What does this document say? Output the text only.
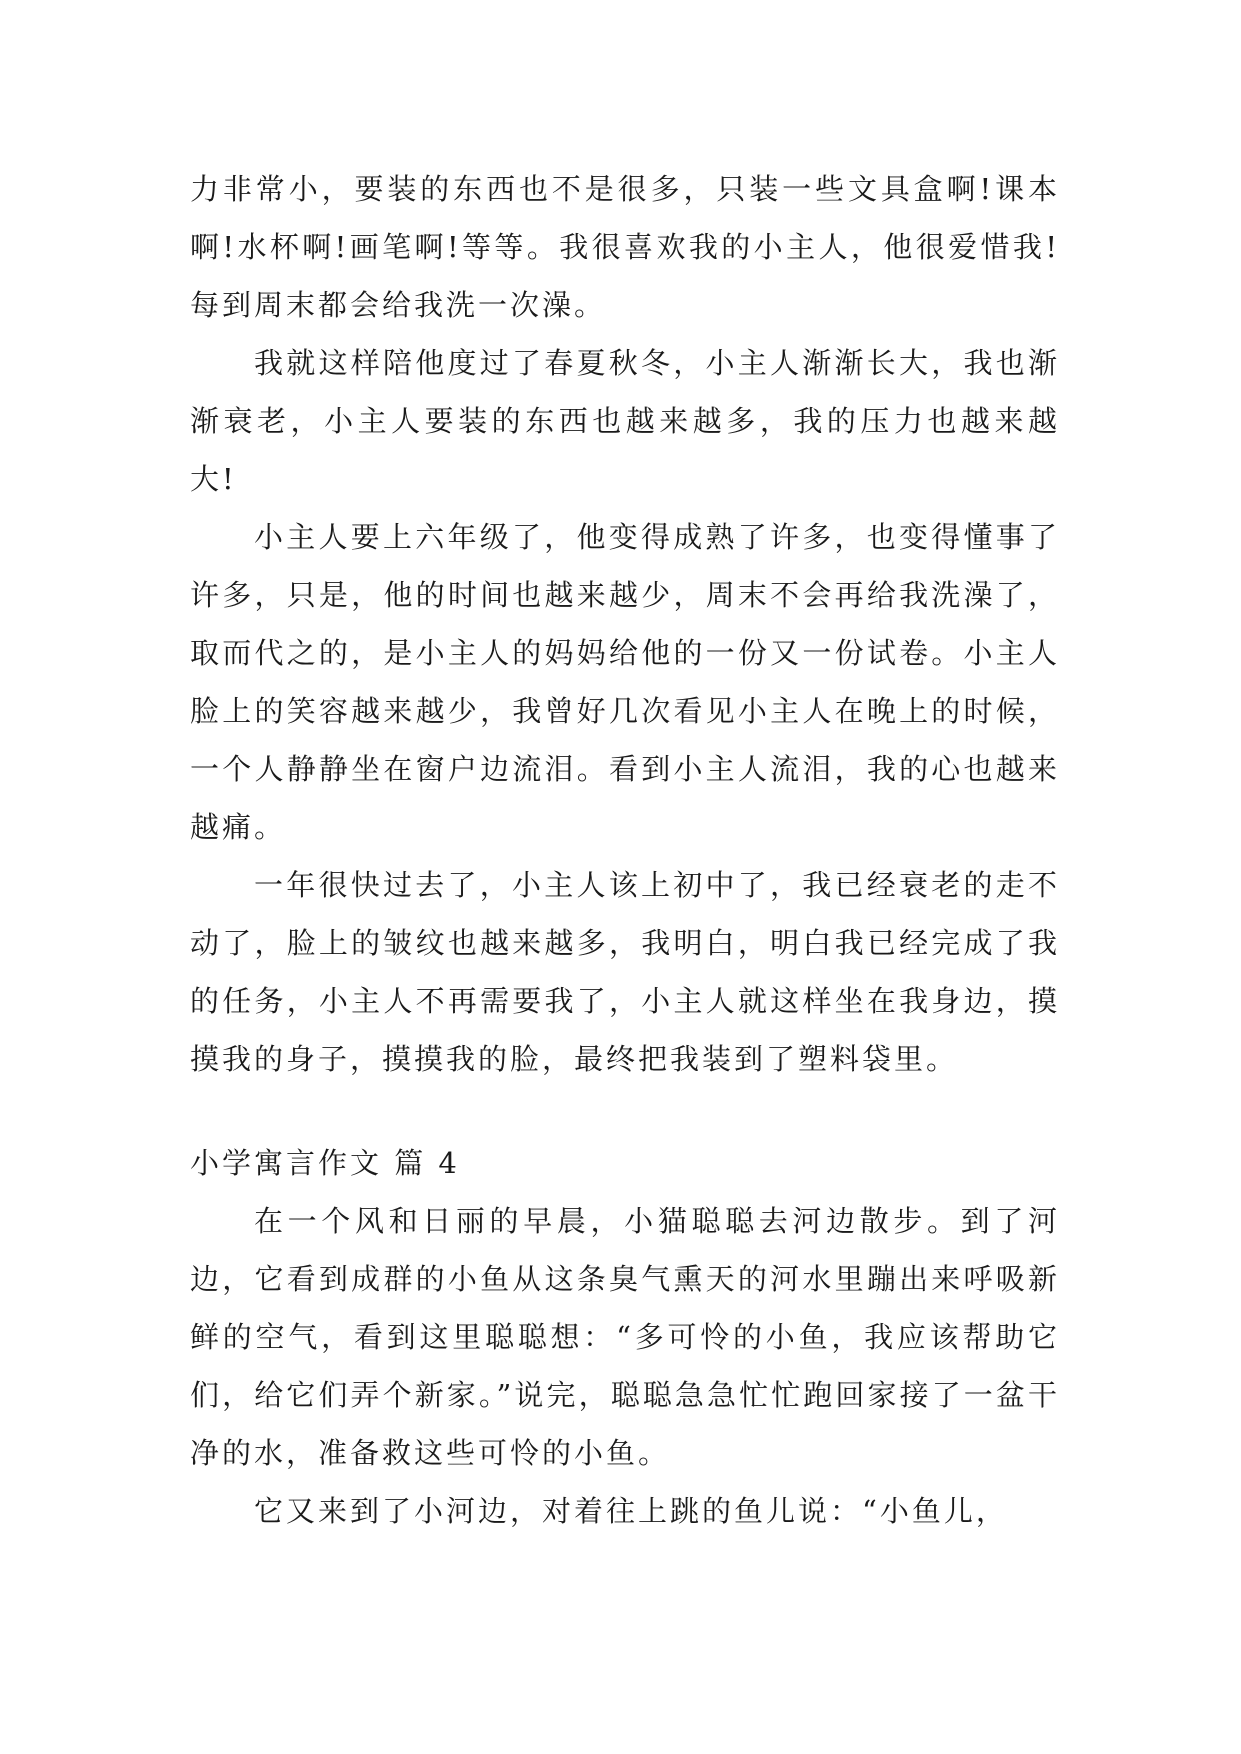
力非常小，要装的东西也不是很多，只装一些文具盒啊!课本啊!水杯啊!画笔啊!等等。我很喜欢我的小主人，他很爱惜我!每到周末都会给我洗一次澡。

我就这样陪他度过了春夏秋冬，小主人渐渐长大，我也渐渐衰老，小主人要装的东西也越来越多，我的压力也越来越大!

小主人要上六年级了，他变得成熟了许多，也变得懂事了许多，只是，他的时间也越来越少，周末不会再给我洗澡了，取而代之的，是小主人的妈妈给他的一份又一份试卷。小主人脸上的笑容越来越少，我曾好几次看见小主人在晚上的时候，一个人静静坐在窗户边流泪。看到小主人流泪，我的心也越来越痛。

一年很快过去了，小主人该上初中了，我已经衰老的走不动了，脸上的皱纹也越来越多，我明白，明白我已经完成了我的任务，小主人不再需要我了，小主人就这样坐在我身边，摸摸我的身子，摸摸我的脸，最终把我装到了塑料袋里。

小学寓言作文 篇 4

在一个风和日丽的早晨，小猫聪聪去河边散步。到了河边，它看到成群的小鱼从这条臭气熏天的河水里蹦出来呼吸新鲜的空气，看到这里聪聪想：“多可怜的小鱼，我应该帮助它们，给它们弄个新家。”说完，聪聪急急忙忙跑回家接了一盆干净的水，准备救这些可怜的小鱼。

它又来到了小河边，对着往上跳的鱼儿说：“小鱼儿，
